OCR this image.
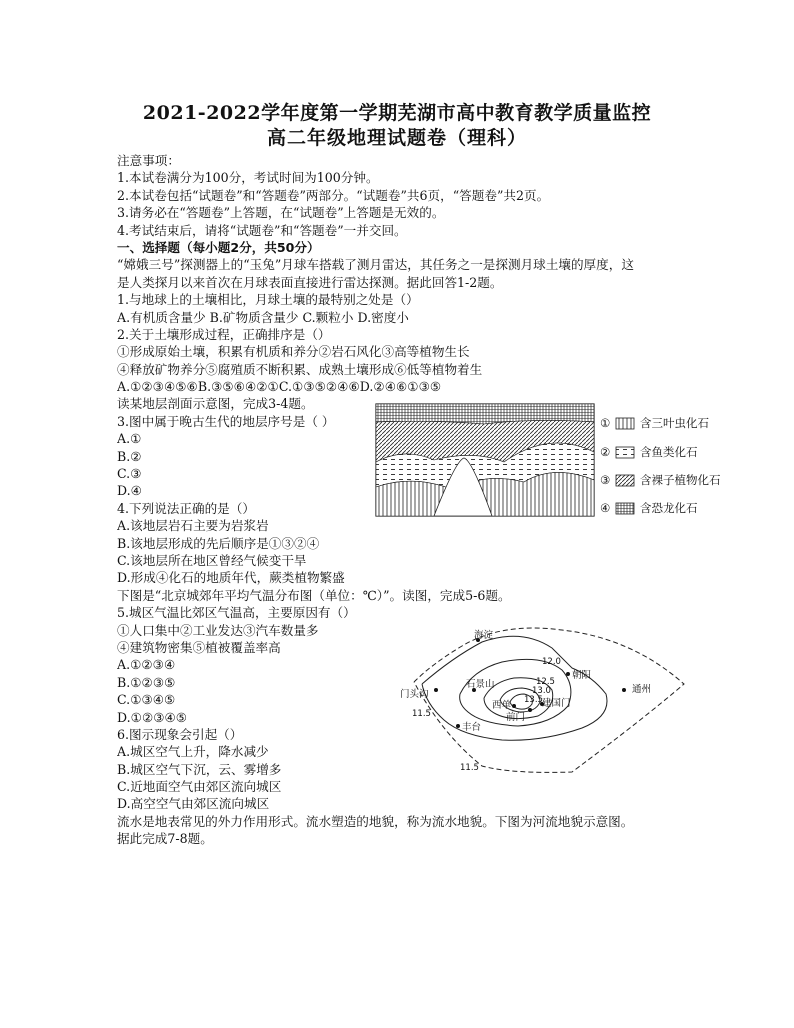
2021-2022学年度第一学期芜湖市高中教育教学质量监控
高二年级地理试题卷（理科）
注意事项：
1.本试卷满分为100分，考试时间为100分钟。
2.本试卷包括“试题卷”和“答题卷”两部分。“试题卷”共6页，“答题卷”共2页。
3.请务必在“答题卷”上答题，在“试题卷”上答题是无效的。
4.考试结束后，请将“试题卷”和“答题卷”一并交回。
一、选择题（每小题2分，共50分）
“嫦娥三号”探测器上的“玉兔”月球车搭载了测月雷达，其任务之一是探测月球土壤的厚度，这
是人类探月以来首次在月球表面直接进行雷达探测。据此回答1-2题。
1.与地球上的土壤相比，月球土壤的最特别之处是（）
A.有机质含量少 B.矿物质含量少 C.颗粒小 D.密度小
2.关于土壤形成过程，正确排序是（）
①形成原始土壤，积累有机质和养分②岩石风化③高等植物生长
④释放矿物养分⑤腐殖质不断积累、成熟土壤形成⑥低等植物着生
A.①②③④⑤⑥B.③⑤⑥④②①C.①③⑤②④⑥D.②④⑥①③⑤
读某地层剖面示意图，完成3-4题。
3.图中属于晚古生代的地层序号是（ ）
A.①
B.②
C.③
D.④
4.下列说法正确的是（）
A.该地层岩石主要为岩浆岩
B.该地层形成的先后顺序是①③②④
C.该地层所在地区曾经气候变干旱
D.形成④化石的地质年代，蕨类植物繁盛
下图是“北京城郊年平均气温分布图（单位：℃）”。读图，完成5-6题。
5.城区气温比郊区气温高，主要原因有（）
①人口集中②工业发达③汽车数量多
④建筑物密集⑤植被覆盖率高
A.①②③④
B.①②③⑤
C.①③④⑤
D.①②③④⑤
6.图示现象会引起（）
A.城区空气上升，降水减少
B.城区空气下沉，云、雾增多
C.近地面空气由郊区流向城区
D.高空空气由郊区流向城区
流水是地表常见的外力作用形式。流水塑造的地貌，称为流水地貌。下图为河流地貌示意图。
据此完成7-8题。
①	含三叶虫化石
②	含鱼类化石
③	含裸子植物化石
④	含恐龙化石
海淀
石景山
门头沟
朝阳
通州
西单
前门
建国门
丰台
12.0
12.5
13.0
13.5
11.5
11.5
